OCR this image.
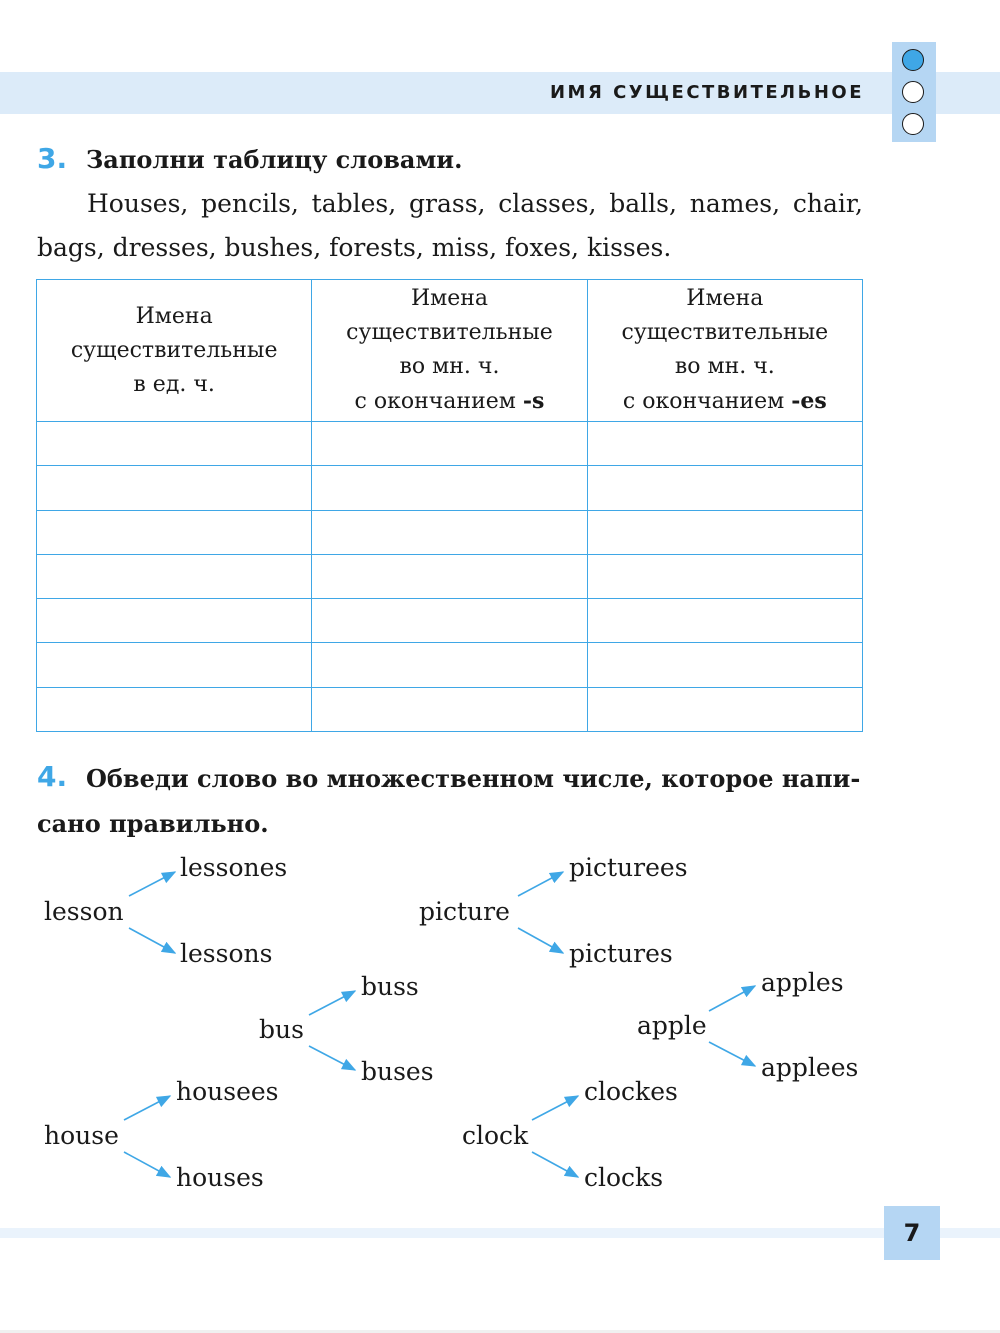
ИМЯ СУЩЕСТВИТЕЛЬНОЕ
3. Заполни таблицу словами.
Houses, pencils, tables, grass, classes, balls, names, chair, bags, dresses, bushes, forests, miss, foxes, kisses.
Имена
существительные
в ед. ч.	Имена
существительные
во мн. ч.
с окончанием -s	Имена
существительные
во мн. ч.
с окончанием -es

4. Обведи слово во множественном числе, которое напи-
сано правильно.
lesson
lessones
lessons
picture
picturees
pictures
bus
buss
buses
apple
apples
applees
house
housees
houses
clock
clockes
clocks
7
